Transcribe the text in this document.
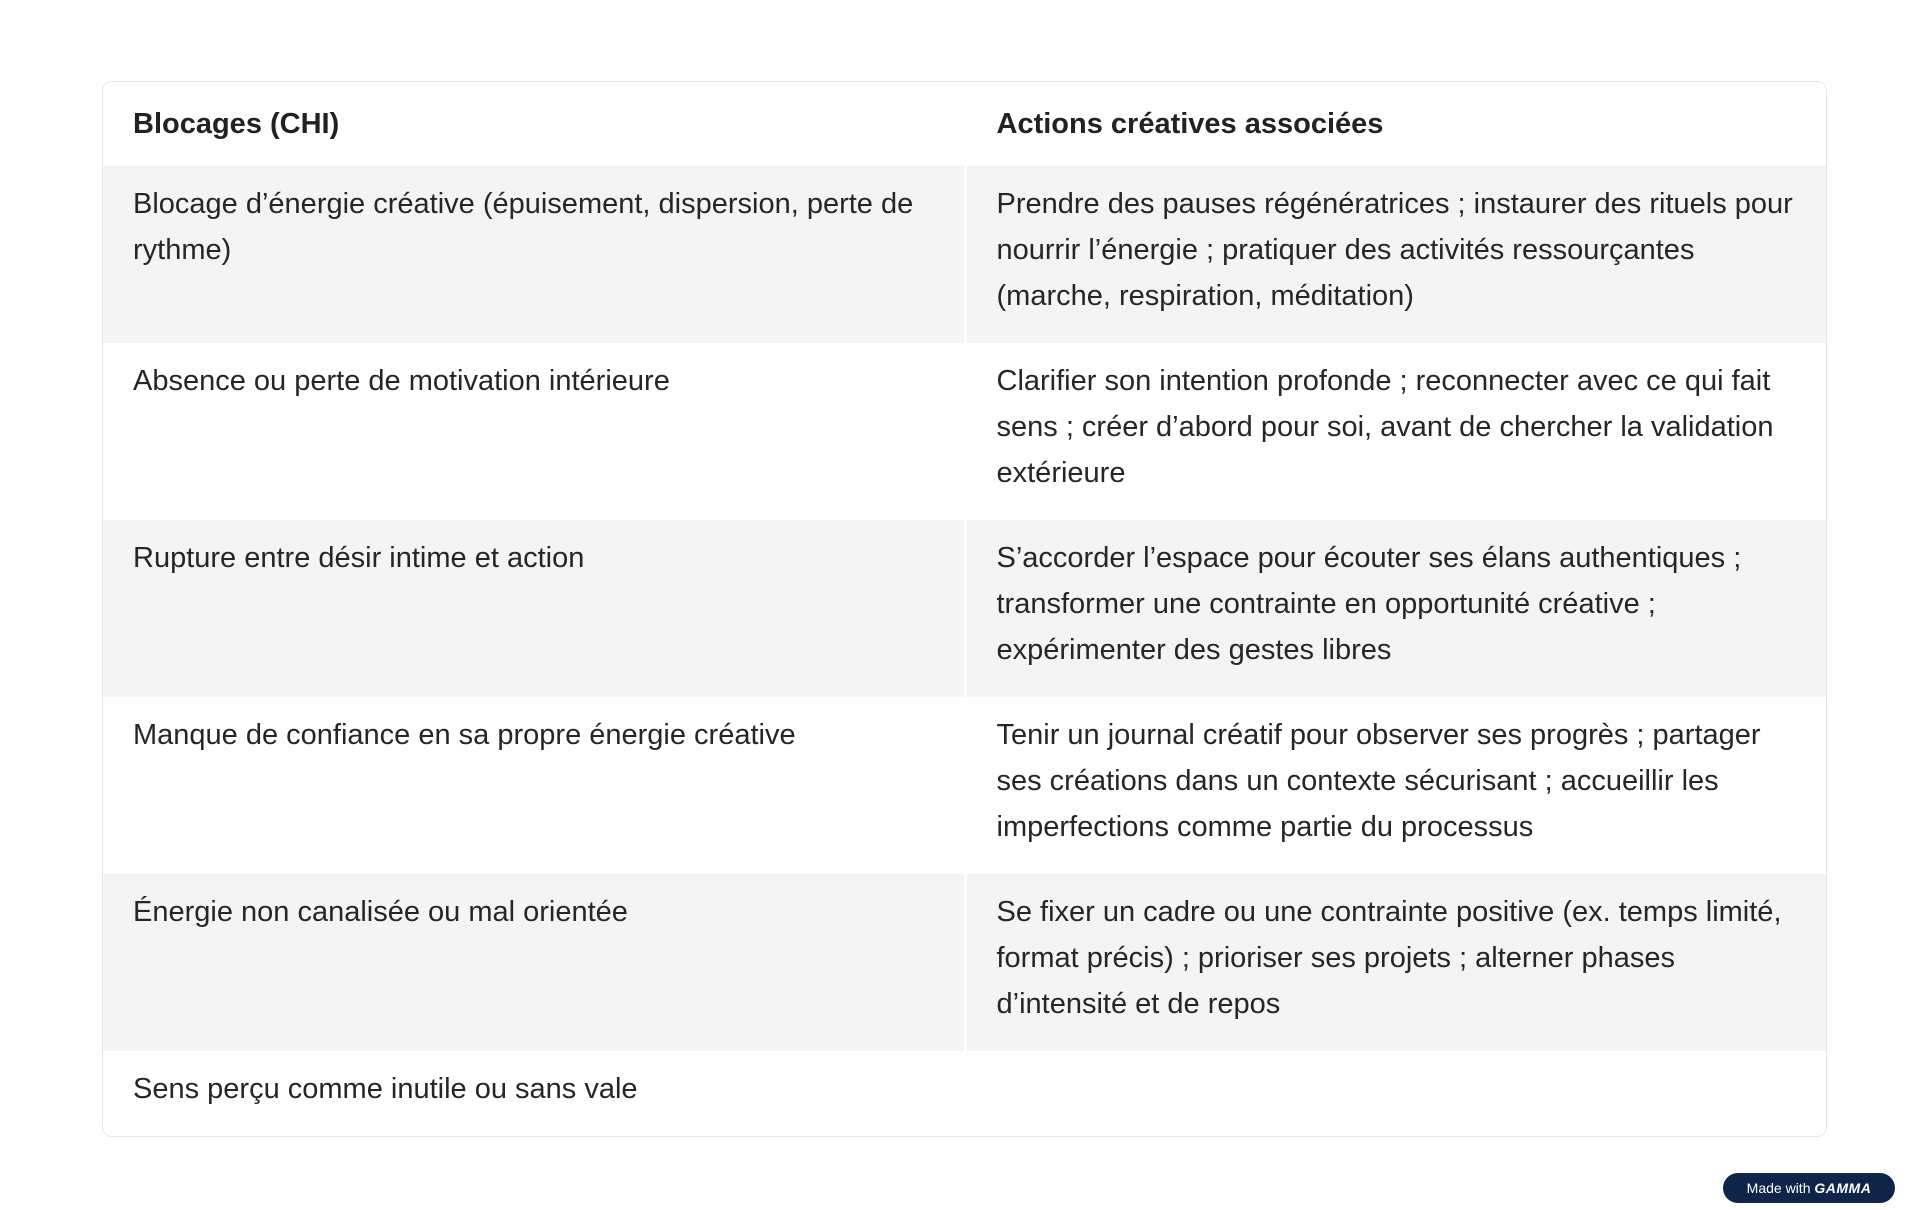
Blocages (CHI)	Actions créatives associées
Blocage d’énergie créative (épuisement, dispersion, perte de rythme)	Prendre des pauses régénératrices ; instaurer des rituels pour nourrir l’énergie ; pratiquer des activités ressourçantes (marche, respiration, méditation)
Absence ou perte de motivation intérieure	Clarifier son intention profonde ; reconnecter avec ce qui fait sens ; créer d’abord pour soi, avant de chercher la validation extérieure
Rupture entre désir intime et action	S’accorder l’espace pour écouter ses élans authentiques ; transformer une contrainte en opportunité créative ; expérimenter des gestes libres
Manque de confiance en sa propre énergie créative	Tenir un journal créatif pour observer ses progrès ; partager ses créations dans un contexte sécurisant ; accueillir les imperfections comme partie du processus
Énergie non canalisée ou mal orientée	Se fixer un cadre ou une contrainte positive (ex. temps limité, format précis) ; prioriser ses projets ; alterner phases d’intensité et de repos
Sens perçu comme inutile ou sans vale	
Made with GAMMA
